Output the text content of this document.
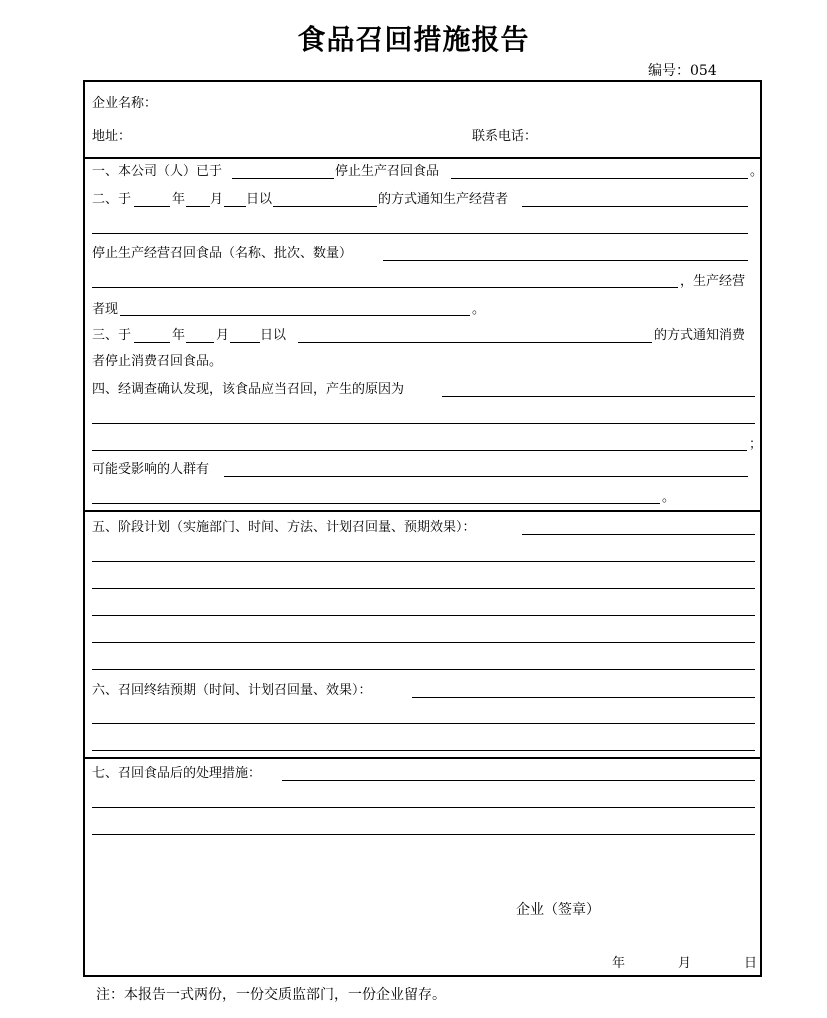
食品召回措施报告
编号：054
企业名称：
地址：	联系电话：
一、本公司（人）已于	停止生产召回食品	。
二、于	年 月 日以	的方式通知生产经营者
停止生产经营召回食品（名称、批次、数量）
，生产经营
者现	。
三、于	年 月 日以	的方式通知消费
者停止消费召回食品。
四、经调查确认发现，该食品应当召回，产生的原因为
；
可能受影响的人群有
。
五、阶段计划（实施部门、时间、方法、计划召回量、预期效果）：
六、召回终结预期（时间、计划召回量、效果）：
七、召回食品后的处理措施：
企业（签章）
年	月	日
注：本报告一式两份，一份交质监部门，一份企业留存。
